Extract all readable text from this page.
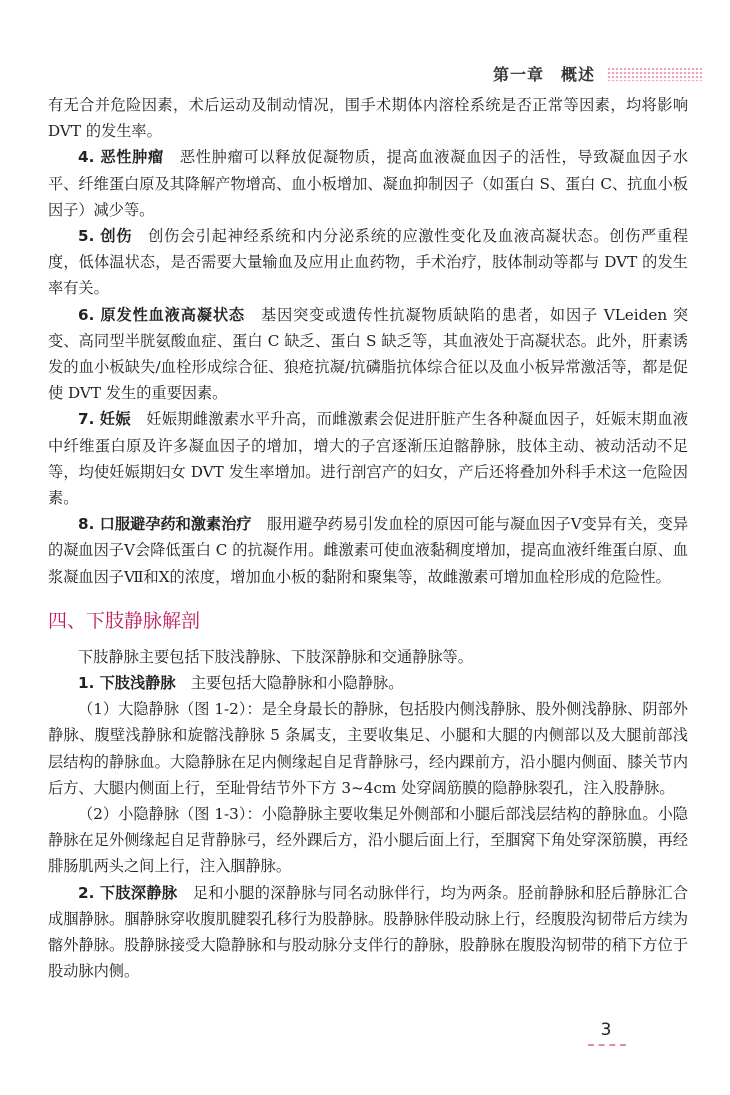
第一章　概述

有无合并危险因素，术后运动及制动情况，围手术期体内溶栓系统是否正常等因素，均将影响 DVT 的发生率。

4. 恶性肿瘤　 恶性肿瘤可以释放促凝物质，提高血液凝血因子的活性，导致凝血因子水平、纤维蛋白原及其降解产物增高、血小板增加、凝血抑制因子（如蛋白 S、蛋白 C、抗血小板因子）减少等。

5. 创伤　 创伤会引起神经系统和内分泌系统的应激性变化及血液高凝状态。创伤严重程度，低体温状态，是否需要大量输血及应用止血药物，手术治疗，肢体制动等都与 DVT 的发生率有关。

6. 原发性血液高凝状态　 基因突变或遗传性抗凝物质缺陷的患者，如因子 VLeiden 突变、高同型半胱氨酸血症、蛋白 C 缺乏、蛋白 S 缺乏等，其血液处于高凝状态。此外，肝素诱发的血小板缺失/血栓形成综合征、狼疮抗凝/抗磷脂抗体综合征以及血小板异常激活等，都是促使 DVT 发生的重要因素。

7. 妊娠　 妊娠期雌激素水平升高，而雌激素会促进肝脏产生各种凝血因子，妊娠末期血液中纤维蛋白原及许多凝血因子的增加，增大的子宫逐渐压迫髂静脉，肢体主动、被动活动不足等，均使妊娠期妇女 DVT 发生率增加。进行剖宫产的妇女，产后还将叠加外科手术这一危险因素。

8. 口服避孕药和激素治疗　 服用避孕药易引发血栓的原因可能与凝血因子Ⅴ变异有关，变异的凝血因子Ⅴ会降低蛋白 C 的抗凝作用。雌激素可使血液黏稠度增加，提高血液纤维蛋白原、血浆凝血因子Ⅶ和Ⅹ的浓度，增加血小板的黏附和聚集等，故雌激素可增加血栓形成的危险性。

四、下肢静脉解剖

下肢静脉主要包括下肢浅静脉、下肢深静脉和交通静脉等。

1. 下肢浅静脉　 主要包括大隐静脉和小隐静脉。

（1）大隐静脉（图 1-2）：是全身最长的静脉，包括股内侧浅静脉、股外侧浅静脉、阴部外静脉、腹壁浅静脉和旋髂浅静脉 5 条属支，主要收集足、小腿和大腿的内侧部以及大腿前部浅层结构的静脉血。大隐静脉在足内侧缘起自足背静脉弓，经内踝前方，沿小腿内侧面、膝关节内后方、大腿内侧面上行，至耻骨结节外下方 3~4cm 处穿阔筋膜的隐静脉裂孔，注入股静脉。

（2）小隐静脉（图 1-3）：小隐静脉主要收集足外侧部和小腿后部浅层结构的静脉血。小隐静脉在足外侧缘起自足背静脉弓，经外踝后方，沿小腿后面上行，至腘窝下角处穿深筋膜，再经腓肠肌两头之间上行，注入腘静脉。

2. 下肢深静脉　 足和小腿的深静脉与同名动脉伴行，均为两条。胫前静脉和胫后静脉汇合成腘静脉。腘静脉穿收腹肌腱裂孔移行为股静脉。股静脉伴股动脉上行，经腹股沟韧带后方续为髂外静脉。股静脉接受大隐静脉和与股动脉分支伴行的静脉，股静脉在腹股沟韧带的稍下方位于股动脉内侧。

3
